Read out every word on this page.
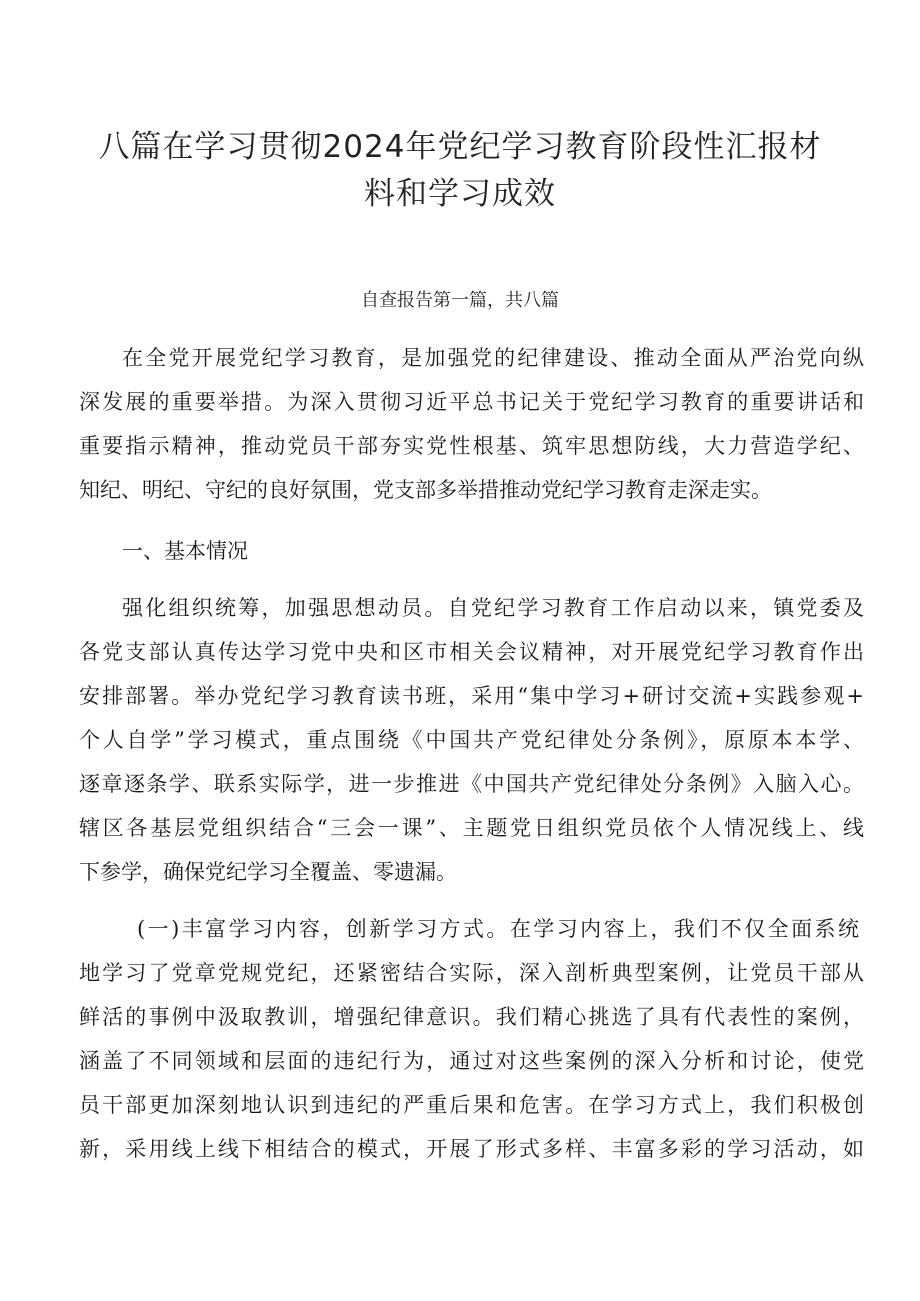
八篇在学习贯彻2024年党纪学习教育阶段性汇报材
料和学习成效
自查报告第一篇，共八篇
在全党开展党纪学习教育，是加强党的纪律建设、推动全面从严治党向纵
深发展的重要举措。为深入贯彻习近平总书记关于党纪学习教育的重要讲话和
重要指示精神，推动党员干部夯实党性根基、筑牢思想防线，大力营造学纪、
知纪、明纪、守纪的良好氛围，党支部多举措推动党纪学习教育走深走实。
一、基本情况
强化组织统筹，加强思想动员。自党纪学习教育工作启动以来，镇党委及
各党支部认真传达学习党中央和区市相关会议精神，对开展党纪学习教育作出
安排部署。举办党纪学习教育读书班，采用“集中学习+研讨交流+实践参观+
个人自学”学习模式，重点围绕《中国共产党纪律处分条例》，原原本本学、
逐章逐条学、联系实际学，进一步推进《中国共产党纪律处分条例》入脑入心。
辖区各基层党组织结合“三会一课”、主题党日组织党员依个人情况线上、线
下参学，确保党纪学习全覆盖、零遗漏。
(一)丰富学习内容，创新学习方式。在学习内容上，我们不仅全面系统
地学习了党章党规党纪，还紧密结合实际，深入剖析典型案例，让党员干部从
鲜活的事例中汲取教训，增强纪律意识。我们精心挑选了具有代表性的案例，
涵盖了不同领域和层面的违纪行为，通过对这些案例的深入分析和讨论，使党
员干部更加深刻地认识到违纪的严重后果和危害。在学习方式上，我们积极创
新，采用线上线下相结合的模式，开展了形式多样、丰富多彩的学习活动，如
